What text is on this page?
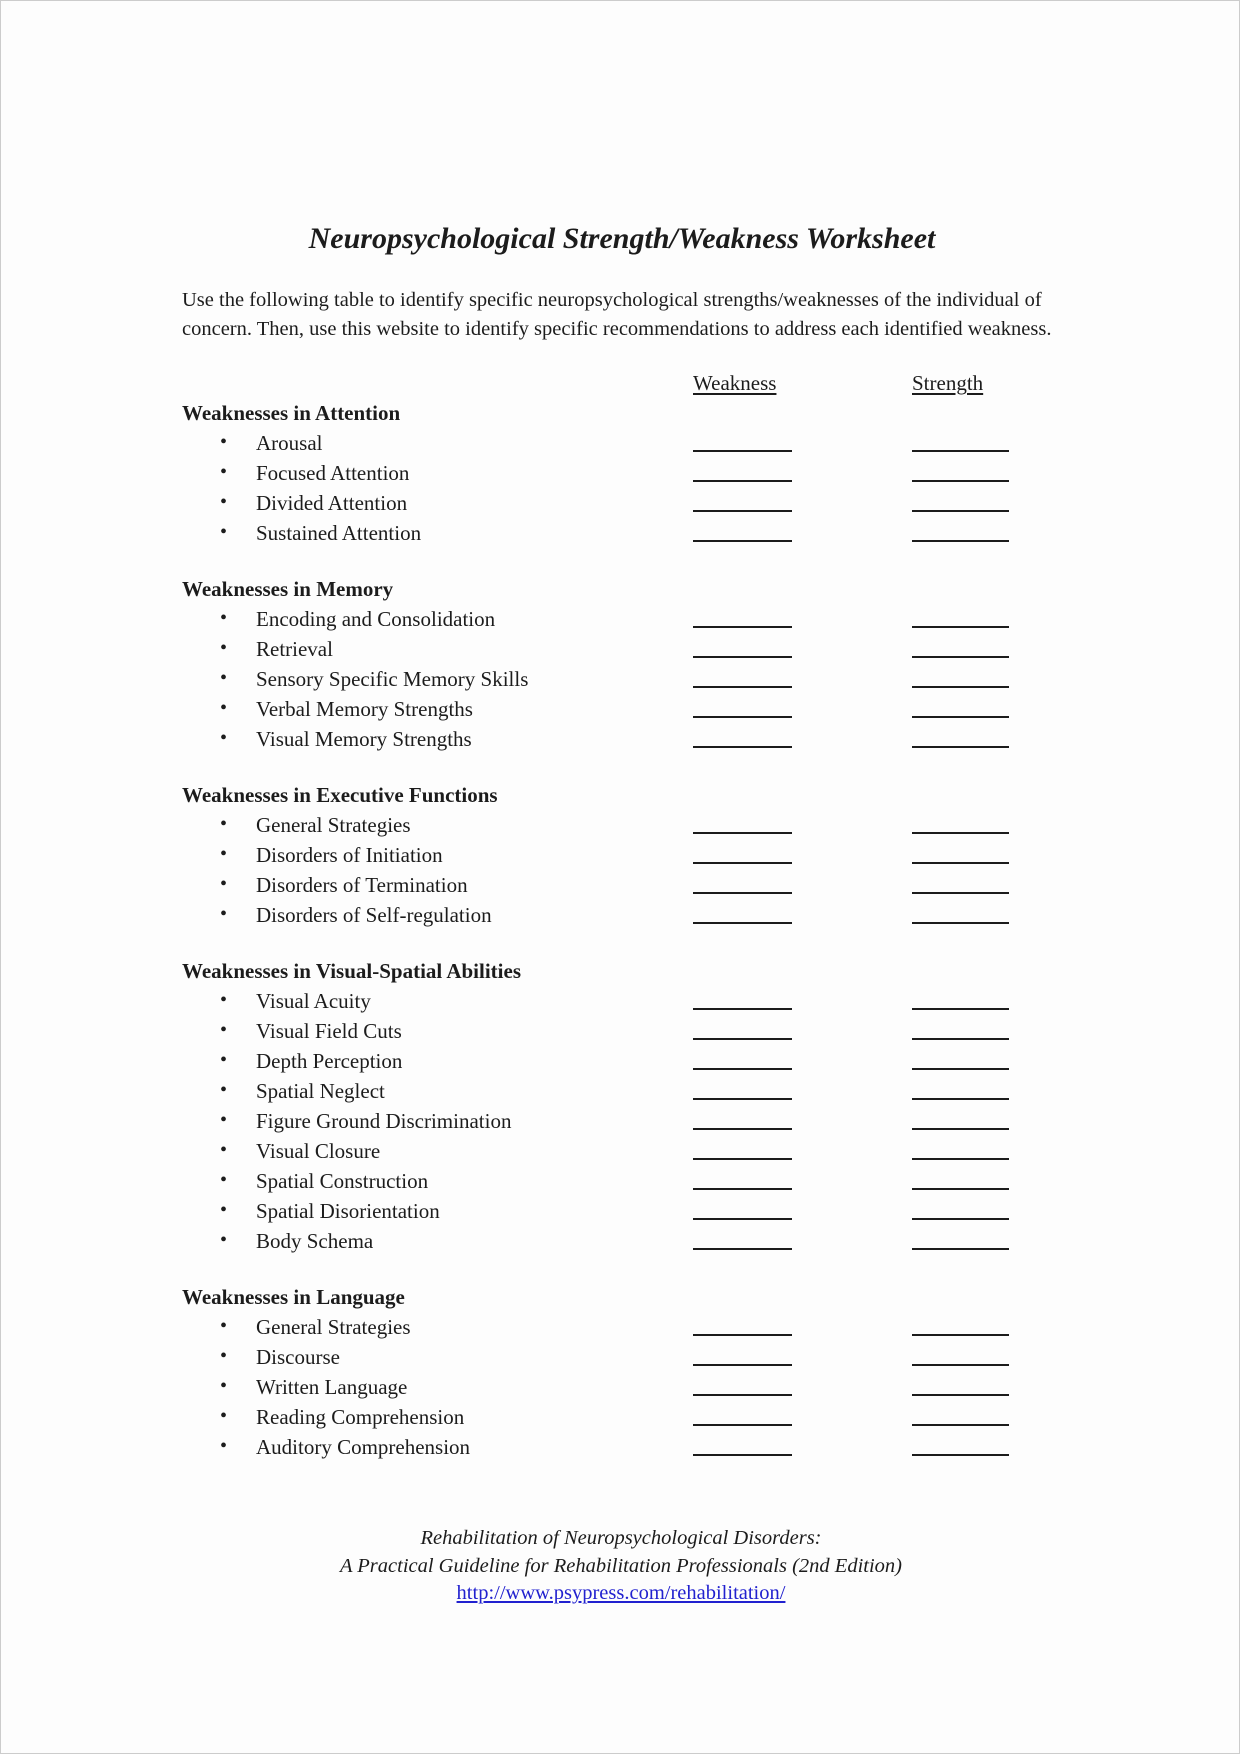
Neuropsychological Strength/Weakness Worksheet

Use the following table to identify specific neuropsychological strengths/weaknesses of the individual of concern. Then, use this website to identify specific recommendations to address each identified weakness.

Weakness	Strength
Weaknesses in Attention
• Arousal
• Focused Attention
• Divided Attention
• Sustained Attention
Weaknesses in Memory
• Encoding and Consolidation
• Retrieval
• Sensory Specific Memory Skills
• Verbal Memory Strengths
• Visual Memory Strengths
Weaknesses in Executive Functions
• General Strategies
• Disorders of Initiation
• Disorders of Termination
• Disorders of Self-regulation
Weaknesses in Visual-Spatial Abilities
• Visual Acuity
• Visual Field Cuts
• Depth Perception
• Spatial Neglect
• Figure Ground Discrimination
• Visual Closure
• Spatial Construction
• Spatial Disorientation
• Body Schema
Weaknesses in Language
• General Strategies
• Discourse
• Written Language
• Reading Comprehension
• Auditory Comprehension
Rehabilitation of Neuropsychological Disorders:
A Practical Guideline for Rehabilitation Professionals (2nd Edition)
http://www.psypress.com/rehabilitation/
